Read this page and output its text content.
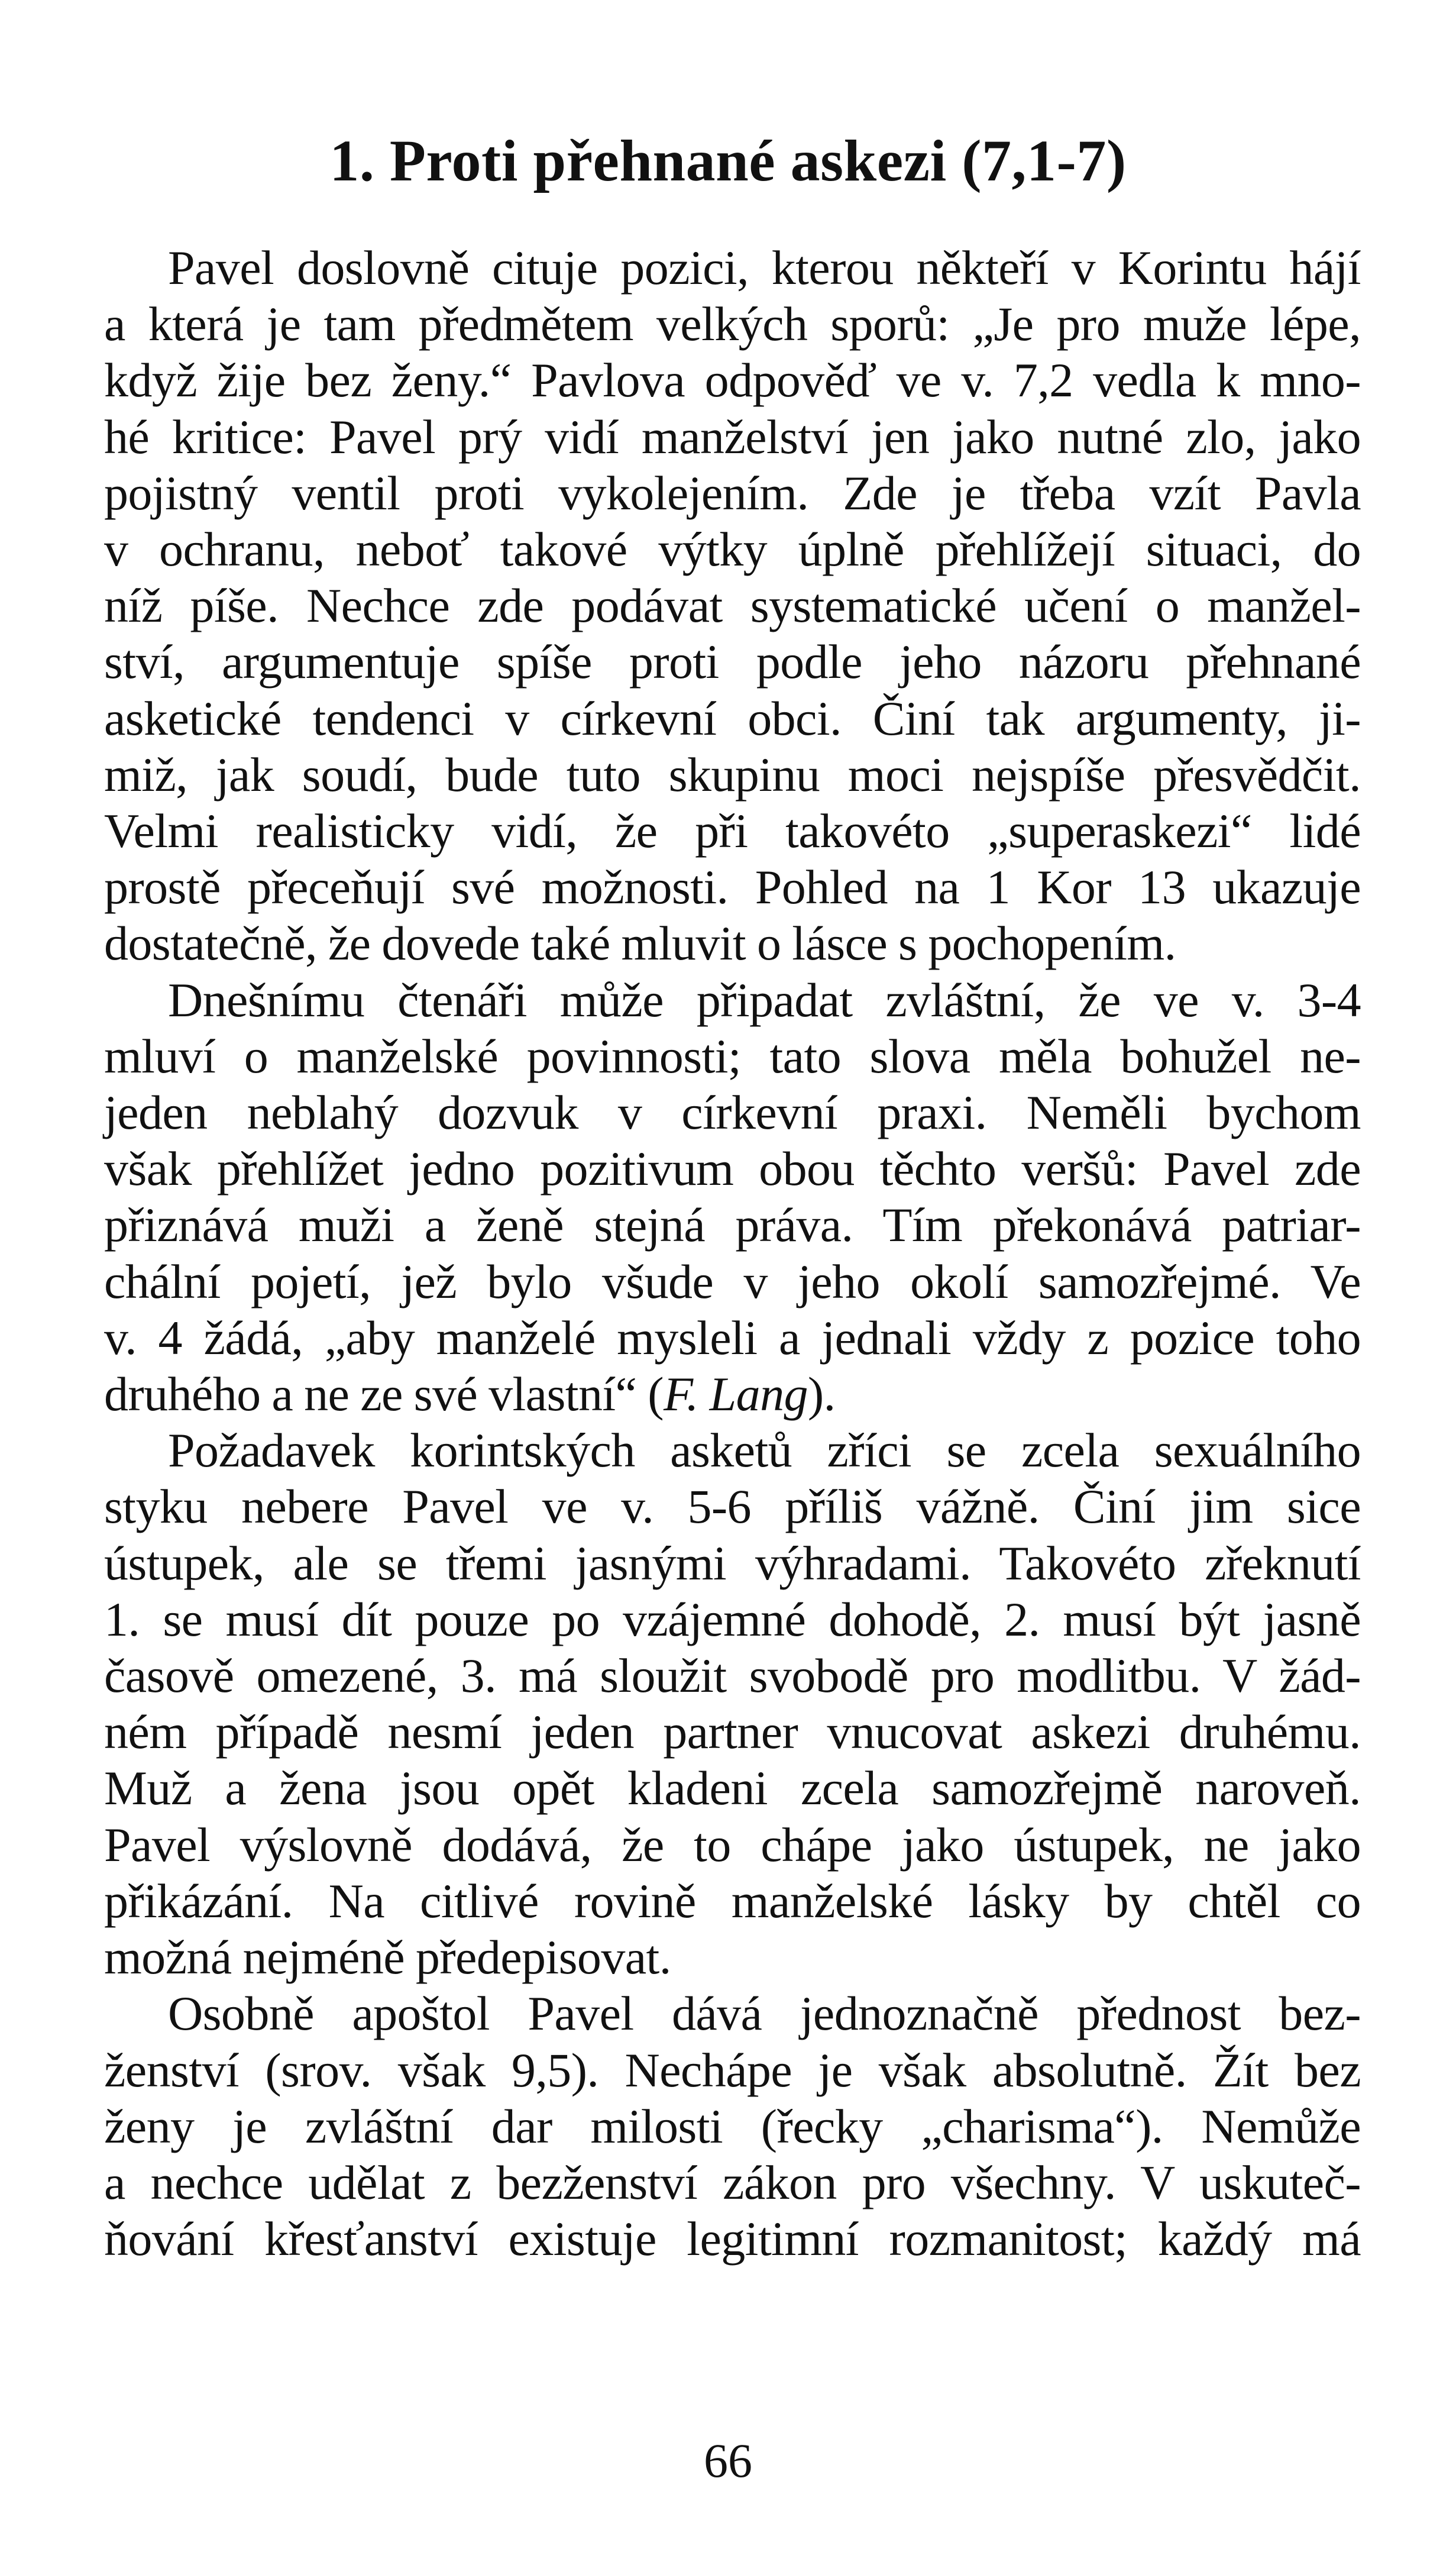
1. Proti přehnané askezi (7,1-7)

Pavel doslovně cituje pozici, kterou někteří v Korintu hájí
a která je tam předmětem velkých sporů: „Je pro muže lépe,
když žije bez ženy.“ Pavlova odpověď ve v. 7,2 vedla k mno-
hé kritice: Pavel prý vidí manželství jen jako nutné zlo, jako
pojistný ventil proti vykolejením. Zde je třeba vzít Pavla
v ochranu, neboť takové výtky úplně přehlížejí situaci, do
níž píše. Nechce zde podávat systematické učení o manžel-
ství, argumentuje spíše proti podle jeho názoru přehnané
asketické tendenci v církevní obci. Činí tak argumenty, ji-
miž, jak soudí, bude tuto skupinu moci nejspíše přesvědčit.
Velmi realisticky vidí, že při takovéto „superaskezi“ lidé
prostě přeceňují své možnosti. Pohled na 1 Kor 13 ukazuje
dostatečně, že dovede také mluvit o lásce s pochopením.

Dnešnímu čtenáři může připadat zvláštní, že ve v. 3-4
mluví o manželské povinnosti; tato slova měla bohužel ne-
jeden neblahý dozvuk v církevní praxi. Neměli bychom
však přehlížet jedno pozitivum obou těchto veršů: Pavel zde
přiznává muži a ženě stejná práva. Tím překonává patriar-
chální pojetí, jež bylo všude v jeho okolí samozřejmé. Ve
v. 4 žádá, „aby manželé mysleli a jednali vždy z pozice toho
druhého a ne ze své vlastní“ (F. Lang).

Požadavek korintských asketů zříci se zcela sexuálního
styku nebere Pavel ve v. 5-6 příliš vážně. Činí jim sice
ústupek, ale se třemi jasnými výhradami. Takovéto zřeknutí
1. se musí dít pouze po vzájemné dohodě, 2. musí být jasně
časově omezené, 3. má sloužit svobodě pro modlitbu. V žád-
ném případě nesmí jeden partner vnucovat askezi druhému.
Muž a žena jsou opět kladeni zcela samozřejmě naroveň.
Pavel výslovně dodává, že to chápe jako ústupek, ne jako
přikázání. Na citlivé rovině manželské lásky by chtěl co
možná nejméně předepisovat.

Osobně apoštol Pavel dává jednoznačně přednost bez-
ženství (srov. však 9,5). Nechápe je však absolutně. Žít bez
ženy je zvláštní dar milosti (řecky „charisma“). Nemůže
a nechce udělat z bezženství zákon pro všechny. V uskuteč-
ňování křesťanství existuje legitimní rozmanitost; každý má

66
